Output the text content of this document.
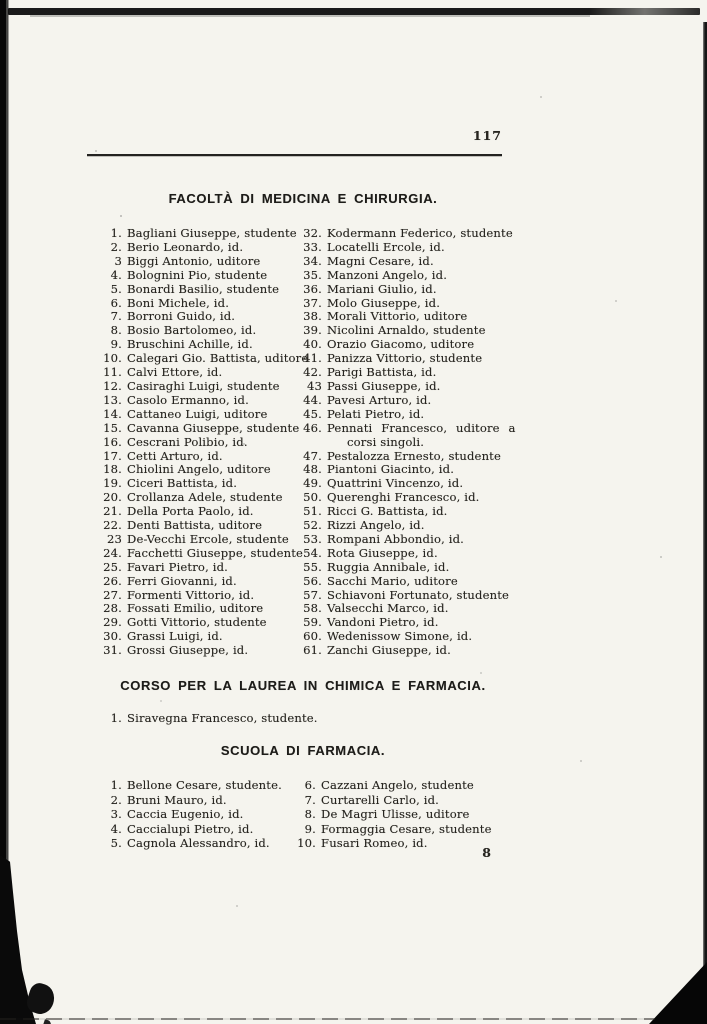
117
FACOLTÀ DI MEDICINA E CHIRURGIA.
1. Bagliani Giuseppe, studente
2. Berio Leonardo, id.
3 Biggi Antonio, uditore
4. Bolognini Pio, studente
5. Bonardi Basilio, studente
6. Boni Michele, id.
7. Borroni Guido, id.
8. Bosio Bartolomeo, id.
9. Bruschini Achille, id.
10. Calegari Gio. Battista, uditore
11. Calvi Ettore, id.
12. Casiraghi Luigi, studente
13. Casolo Ermanno, id.
14. Cattaneo Luigi, uditore
15. Cavanna Giuseppe, studente
16. Cescrani Polibio, id.
17. Cetti Arturo, id.
18. Chiolini Angelo, uditore
19. Ciceri Battista, id.
20. Crollanza Adele, studente
21. Della Porta Paolo, id.
22. Denti Battista, uditore
23 De-Vecchi Ercole, studente
24. Facchetti Giuseppe, studente
25. Favari Pietro, id.
26. Ferri Giovanni, id.
27. Formenti Vittorio, id.
28. Fossati Emilio, uditore
29. Gotti Vittorio, studente
30. Grassi Luigi, id.
31. Grossi Giuseppe, id.
32. Kodermann Federico, studente
33. Locatelli Ercole, id.
34. Magni Cesare, id.
35. Manzoni Angelo, id.
36. Mariani Giulio, id.
37. Molo Giuseppe, id.
38. Morali Vittorio, uditore
39. Nicolini Arnaldo, studente
40. Orazio Giacomo, uditore
41. Panizza Vittorio, studente
42. Parigi Battista, id.
43 Passi Giuseppe, id.
44. Pavesi Arturo, id.
45. Pelati Pietro, id.
46. Pennati Francesco, uditore a
corsi singoli.
47. Pestalozza Ernesto, studente
48. Piantoni Giacinto, id.
49. Quattrini Vincenzo, id.
50. Querenghi Francesco, id.
51. Ricci G. Battista, id.
52. Rizzi Angelo, id.
53. Rompani Abbondio, id.
54. Rota Giuseppe, id.
55. Ruggia Annibale, id.
56. Sacchi Mario, uditore
57. Schiavoni Fortunato, studente
58. Valsecchi Marco, id.
59. Vandoni Pietro, id.
60. Wedenissow Simone, id.
61. Zanchi Giuseppe, id.
CORSO PER LA LAUREA IN CHIMICA E FARMACIA.
1. Siravegna Francesco, studente.
SCUOLA DI FARMACIA.
1. Bellone Cesare, studente.
2. Bruni Mauro, id.
3. Caccia Eugenio, id.
4. Caccialupi Pietro, id.
5. Cagnola Alessandro, id.
6. Cazzani Angelo, studente
7. Curtarelli Carlo, id.
8. De Magri Ulisse, uditore
9. Formaggia Cesare, studente
10. Fusari Romeo, id.
8
